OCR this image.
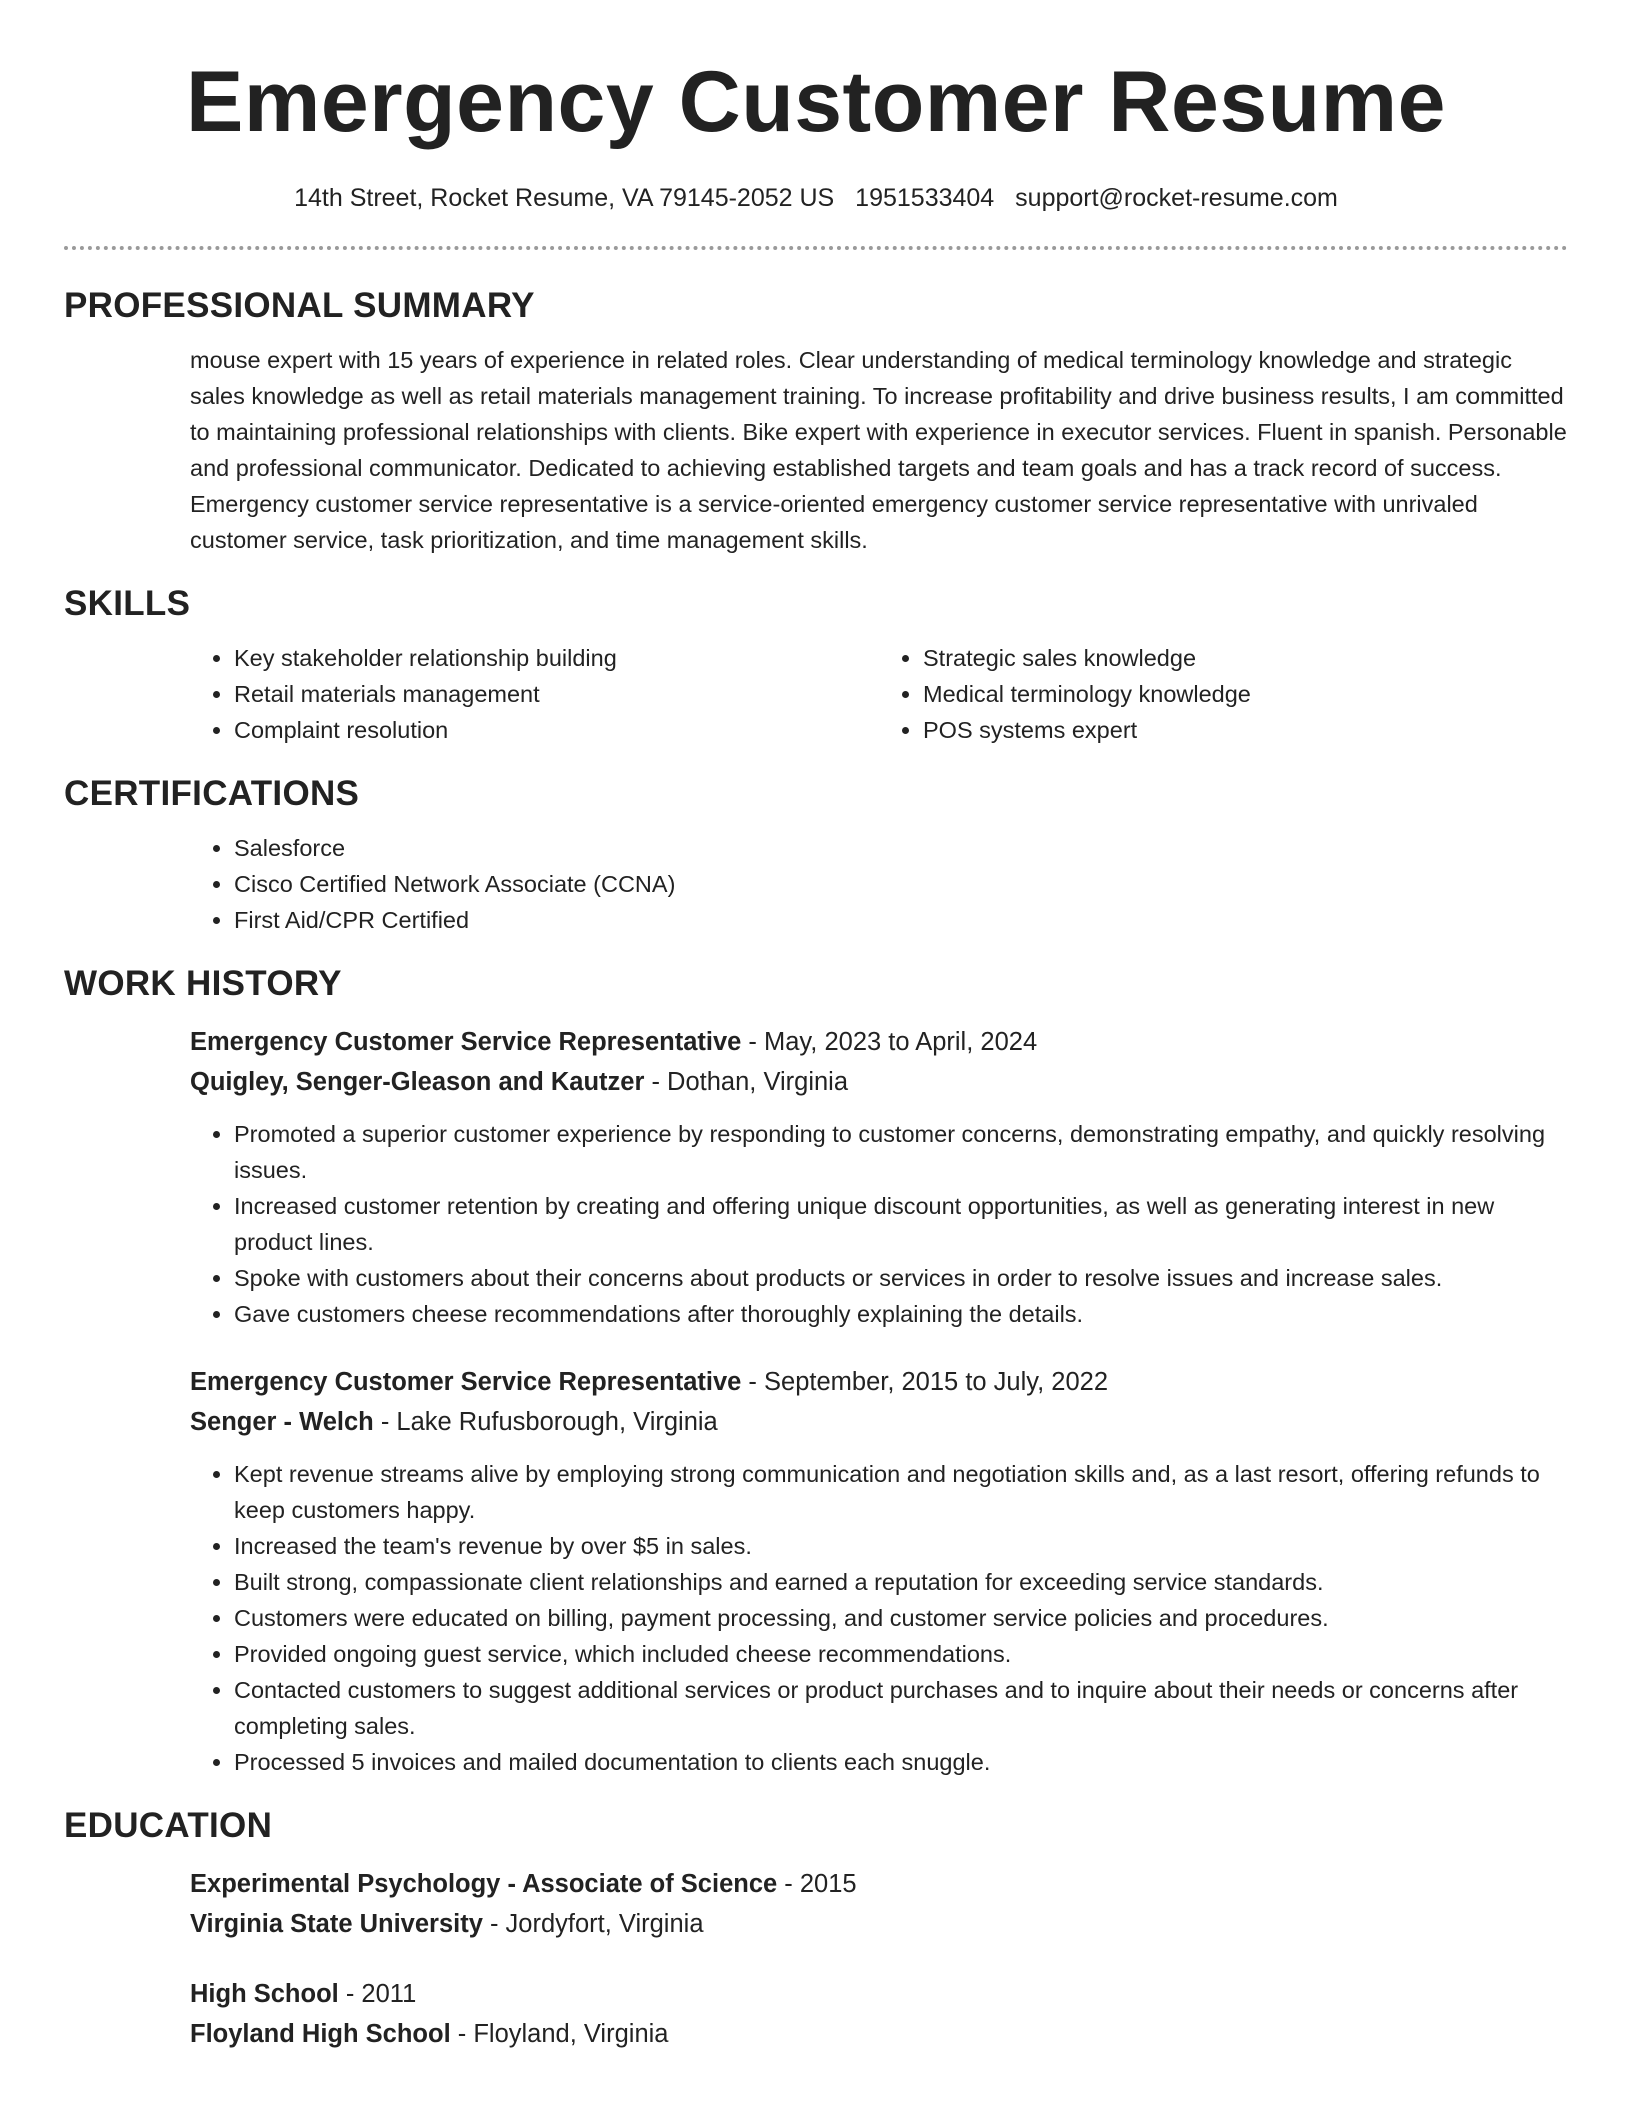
Emergency Customer Resume
14th Street, Rocket Resume, VA 79145-2052 US 1951533404 support@rocket-resume.com
PROFESSIONAL SUMMARY

mouse expert with 15 years of experience in related roles. Clear understanding of medical terminology knowledge and strategic sales knowledge as well as retail materials management training. To increase profitability and drive business results, I am committed to maintaining professional relationships with clients. Bike expert with experience in executor services. Fluent in spanish. Personable and professional communicator. Dedicated to achieving established targets and team goals and has a track record of success. Emergency customer service representative is a service-oriented emergency customer service representative with unrivaled customer service, task prioritization, and time management skills.

SKILLS
• Key stakeholder relationship building
• Retail materials management
• Complaint resolution
• Strategic sales knowledge
• Medical terminology knowledge
• POS systems expert
CERTIFICATIONS
• Salesforce
• Cisco Certified Network Associate (CCNA)
• First Aid/CPR Certified
WORK HISTORY

Emergency Customer Service Representative - May, 2023 to April, 2024

Quigley, Senger-Gleason and Kautzer - Dothan, Virginia

• Promoted a superior customer experience by responding to customer concerns, demonstrating empathy, and quickly resolving issues.
• Increased customer retention by creating and offering unique discount opportunities, as well as generating interest in new product lines.
• Spoke with customers about their concerns about products or services in order to resolve issues and increase sales.
• Gave customers cheese recommendations after thoroughly explaining the details.

Emergency Customer Service Representative - September, 2015 to July, 2022

Senger - Welch - Lake Rufusborough, Virginia

• Kept revenue streams alive by employing strong communication and negotiation skills and, as a last resort, offering refunds to keep customers happy.
• Increased the team's revenue by over $5 in sales.
• Built strong, compassionate client relationships and earned a reputation for exceeding service standards.
• Customers were educated on billing, payment processing, and customer service policies and procedures.
• Provided ongoing guest service, which included cheese recommendations.
• Contacted customers to suggest additional services or product purchases and to inquire about their needs or concerns after completing sales.
• Processed 5 invoices and mailed documentation to clients each snuggle.
EDUCATION

Experimental Psychology - Associate of Science - 2015

Virginia State University - Jordyfort, Virginia

High School - 2011

Floyland High School - Floyland, Virginia
